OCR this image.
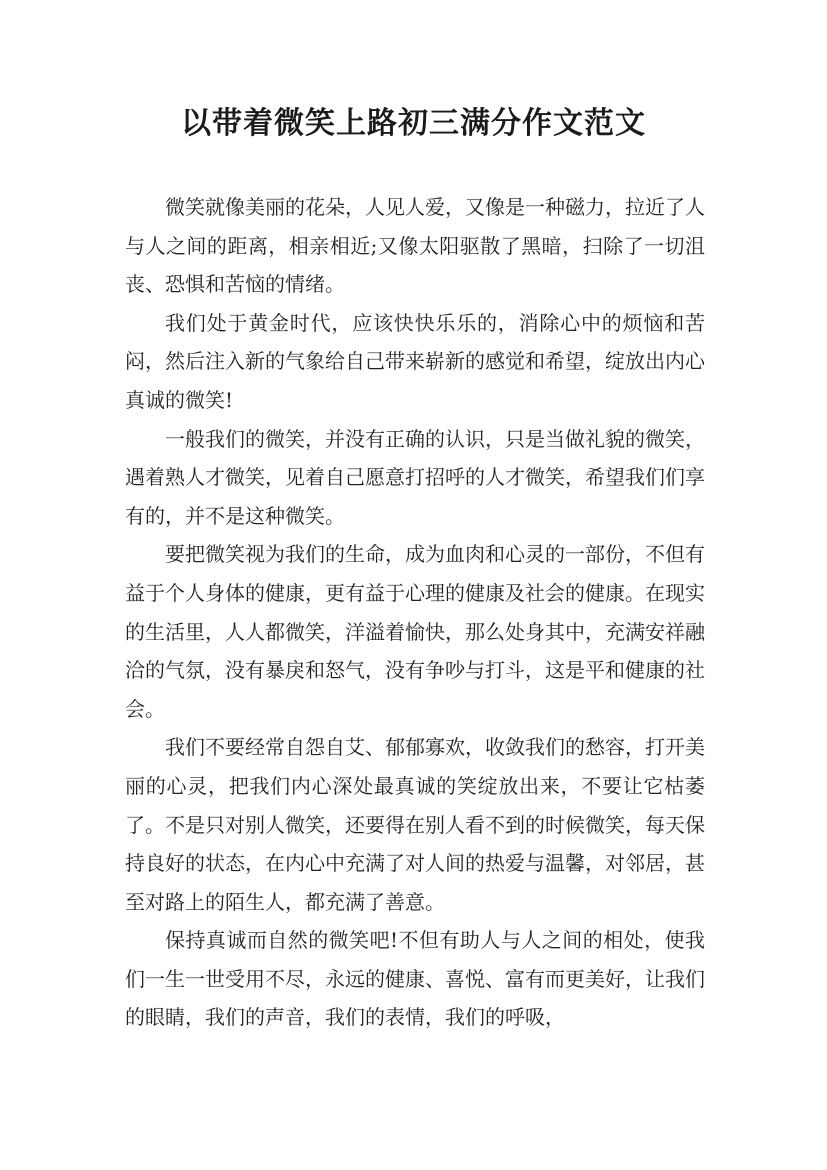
以带着微笑上路初三满分作文范文

微笑就像美丽的花朵，人见人爱，又像是一种磁力，拉近了人与人之间的距离，相亲相近;又像太阳驱散了黑暗，扫除了一切沮丧、恐惧和苦恼的情绪。

我们处于黄金时代，应该快快乐乐的，消除心中的烦恼和苦闷，然后注入新的气象给自己带来崭新的感觉和希望，绽放出内心真诚的微笑!

一般我们的微笑，并没有正确的认识，只是当做礼貌的微笑，遇着熟人才微笑，见着自己愿意打招呼的人才微笑，希望我们们享有的，并不是这种微笑。

要把微笑视为我们的生命，成为血肉和心灵的一部份，不但有益于个人身体的健康，更有益于心理的健康及社会的健康。在现实的生活里，人人都微笑，洋溢着愉快，那么处身其中，充满安祥融洽的气氛，没有暴戾和怒气，没有争吵与打斗，这是平和健康的社会。

我们不要经常自怨自艾、郁郁寡欢，收敛我们的愁容，打开美丽的心灵，把我们内心深处最真诚的笑绽放出来，不要让它枯萎了。不是只对别人微笑，还要得在别人看不到的时候微笑，每天保持良好的状态，在内心中充满了对人间的热爱与温馨，对邻居，甚至对路上的陌生人，都充满了善意。

保持真诚而自然的微笑吧!不但有助人与人之间的相处，使我们一生一世受用不尽，永远的健康、喜悦、富有而更美好，让我们的眼睛，我们的声音，我们的表情，我们的呼吸，
